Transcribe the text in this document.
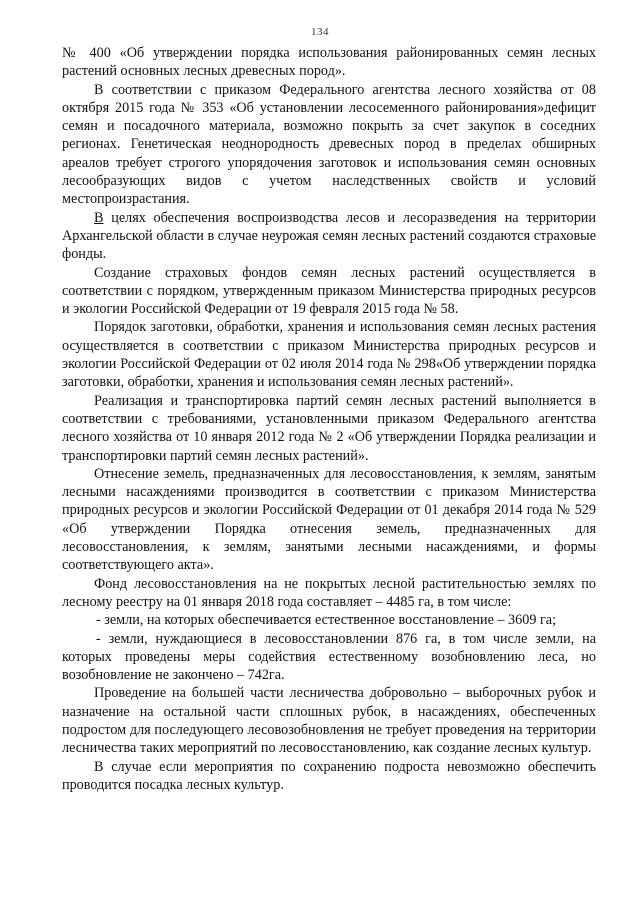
134

№ 400 «Об утверждении порядка использования районированных семян лесных растений основных лесных древесных пород».

В соответствии с приказом Федерального агентства лесного хозяйства от 08 октября 2015 года № 353 «Об установлении лесосеменного районирования»дефицит семян и посадочного материала, возможно покрыть за счет закупок в соседних регионах. Генетическая неоднородность древесных пород в пределах обширных ареалов требует строгого упорядочения заготовок и использования семян основных лесообразующих видов с учетом наследственных свойств и условий местопроизрастания.

В целях обеспечения воспроизводства лесов и лесоразведения на территории Архангельской области в случае неурожая семян лесных растений создаются страховые фонды.

Создание страховых фондов семян лесных растений осуществляется в соответствии с порядком, утвержденным приказом Министерства природных ресурсов и экологии Российской Федерации от 19 февраля 2015 года № 58.

Порядок заготовки, обработки, хранения и использования семян лесных растения осуществляется в соответствии с приказом Министерства природных ресурсов и экологии Российской Федерации от 02 июля 2014 года № 298«Об утверждении порядка заготовки, обработки, хранения и использования семян лесных растений».

Реализация и транспортировка партий семян лесных растений выполняется в соответствии с требованиями, установленными приказом Федерального агентства лесного хозяйства от 10 января 2012 года № 2 «Об утверждении Порядка реализации и транспортировки партий семян лесных растений».

Отнесение земель, предназначенных для лесовосстановления, к землям, занятым лесными насаждениями производится в соответствии с приказом Министерства природных ресурсов и экологии Российской Федерации от 01 декабря 2014 года № 529 «Об утверждении Порядка отнесения земель, предназначенных для лесовосстановления, к землям, занятыми лесными насаждениями, и формы соответствующего акта».

Фонд лесовосстановления на не покрытых лесной растительностью землях по лесному реестру на 01 января 2018 года составляет – 4485 га, в том числе:

- земли, на которых обеспечивается естественное восстановление – 3609 га;

- земли, нуждающиеся в лесовосстановлении 876 га, в том числе земли, на которых проведены меры содействия естественному возобновлению леса, но возобновление не закончено – 742га.

Проведение на большей части лесничества добровольно – выборочных рубок и назначение на остальной части сплошных рубок, в насаждениях, обеспеченных подростом для последующего лесовозобновления не требует проведения на территории лесничества таких мероприятий по лесовосстановлению, как создание лесных культур.

В случае если мероприятия по сохранению подроста невозможно обеспечить проводится посадка лесных культур.
